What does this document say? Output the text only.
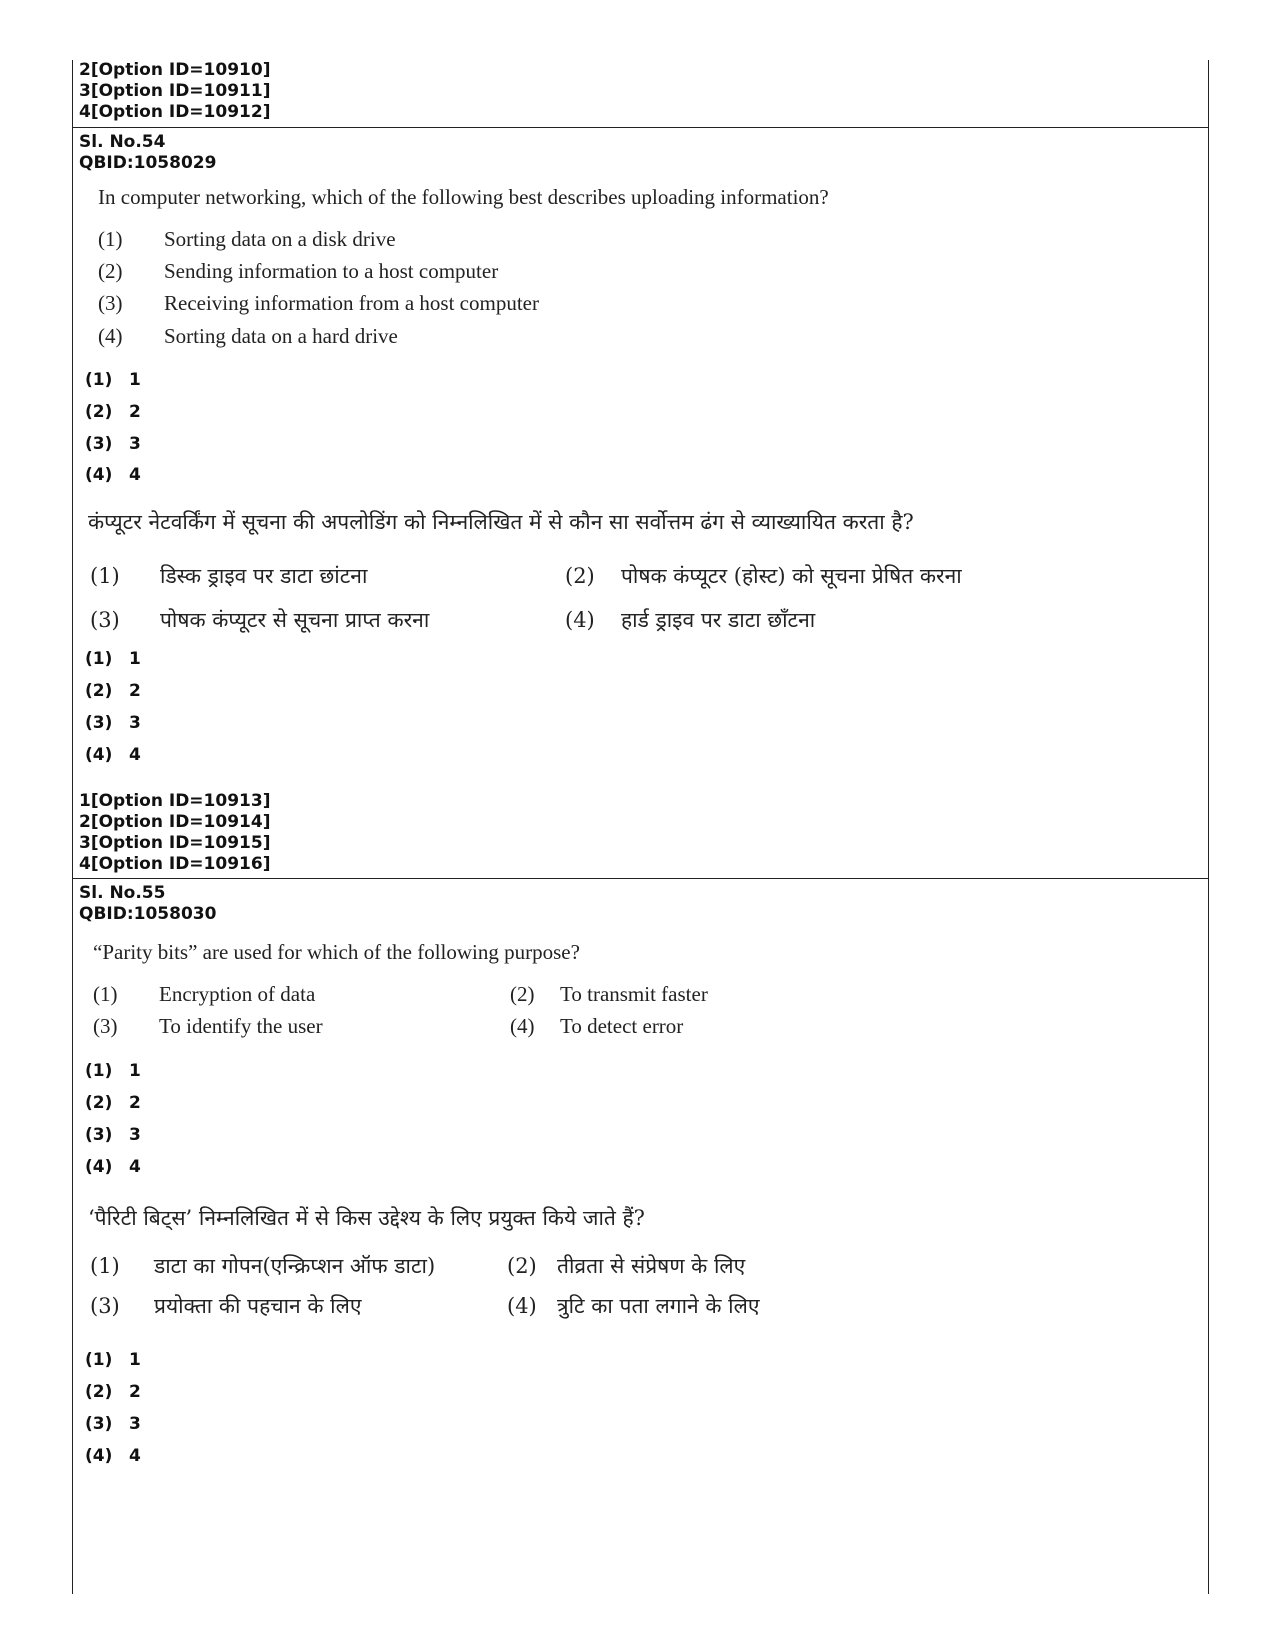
2[Option ID=10910]
3[Option ID=10911]
4[Option ID=10912]
Sl. No.54
QBID:1058029
In computer networking, which of the following best describes uploading information?
(1) Sorting data on a disk drive
(2) Sending information to a host computer
(3) Receiving information from a host computer
(4) Sorting data on a hard drive
(1) 1
(2) 2
(3) 3
(4) 4
कंप्यूटर नेटवर्किंग में सूचना की अपलोडिंग को निम्नलिखित में से कौन सा सर्वोत्तम ढंग से व्याख्यायित करता है?
(1) डिस्क ड्राइव पर डाटा छांटना	(2) पोषक कंप्यूटर (होस्ट) को सूचना प्रेषित करना
(3) पोषक कंप्यूटर से सूचना प्राप्त करना	(4) हार्ड ड्राइव पर डाटा छाँटना
(1) 1
(2) 2
(3) 3
(4) 4
1[Option ID=10913]
2[Option ID=10914]
3[Option ID=10915]
4[Option ID=10916]
Sl. No.55
QBID:1058030
“Parity bits” are used for which of the following purpose?
(1) Encryption of data	(2) To transmit faster
(3) To identify the user	(4) To detect error
(1) 1
(2) 2
(3) 3
(4) 4
‘पैरिटी बिट्स’ निम्नलिखित में से किस उद्देश्य के लिए प्रयुक्त किये जाते हैं?
(1) डाटा का गोपन(एन्क्रिप्शन ऑफ डाटा)	(2) तीव्रता से संप्रेषण के लिए
(3) प्रयोक्ता की पहचान के लिए	(4) त्रुटि का पता लगाने के लिए
(1) 1
(2) 2
(3) 3
(4) 4
